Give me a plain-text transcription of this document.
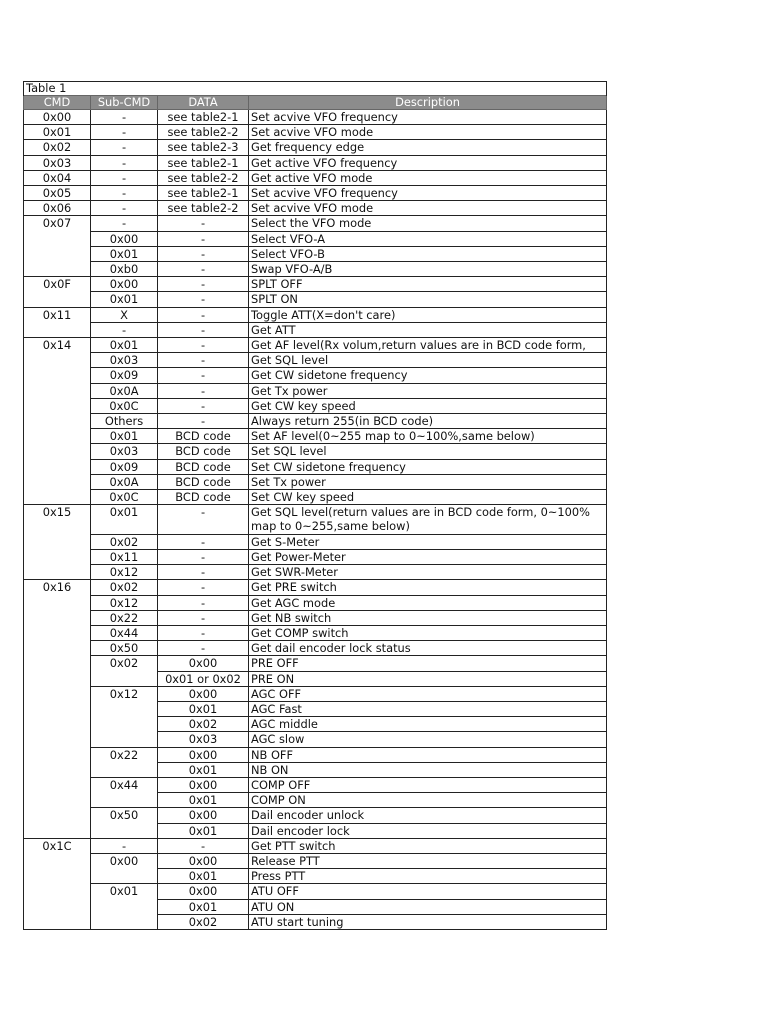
Table 1			
CMD	Sub-CMD	DATA	Description
0x00	-	see table2-1	Set acvive VFO frequency
0x01	-	see table2-2	Set acvive VFO mode
0x02	-	see table2-3	Get frequency edge
0x03	-	see table2-1	Get active VFO frequency
0x04	-	see table2-2	Get active VFO mode
0x05	-	see table2-1	Set acvive VFO frequency
0x06	-	see table2-2	Set acvive VFO mode
0x07	-	-	Select the VFO mode
	0x00	-	Select VFO-A
	0x01	-	Select VFO-B
	0xb0	-	Swap VFO-A/B
0x0F	0x00	-	SPLT OFF
	0x01	-	SPLT ON
0x11	X	-	Toggle ATT(X=don't care)
	-	-	Get ATT
0x14	0x01	-	Get AF level(Rx volum,return values are in BCD code form,
	0x03	-	Get SQL level
	0x09	-	Get CW sidetone frequency
	0x0A	-	Get Tx power
	0x0C	-	Get CW key speed
	Others	-	Always return 255(in BCD code)
	0x01	BCD code	Set AF level(0~255 map to 0~100%,same below)
	0x03	BCD code	Set SQL level
	0x09	BCD code	Set CW sidetone frequency
	0x0A	BCD code	Set Tx power
	0x0C	BCD code	Set CW key speed
0x15	0x01	-	Get SQL level(return values are in BCD code form, 0~100% map to 0~255,same below)
	0x02	-	Get S-Meter
	0x11	-	Get Power-Meter
	0x12	-	Get SWR-Meter
0x16	0x02	-	Get PRE switch
	0x12	-	Get AGC mode
	0x22	-	Get NB switch
	0x44	-	Get COMP switch
	0x50	-	Get dail encoder lock status
	0x02	0x00	PRE OFF
		0x01 or 0x02	PRE ON
	0x12	0x00	AGC OFF
		0x01	AGC Fast
		0x02	AGC middle
		0x03	AGC slow
	0x22	0x00	NB OFF
		0x01	NB ON
	0x44	0x00	COMP OFF
		0x01	COMP ON
	0x50	0x00	Dail encoder unlock
		0x01	Dail encoder lock
0x1C	-	-	Get PTT switch
	0x00	0x00	Release PTT
		0x01	Press PTT
	0x01	0x00	ATU OFF
		0x01	ATU ON
		0x02	ATU start tuning
